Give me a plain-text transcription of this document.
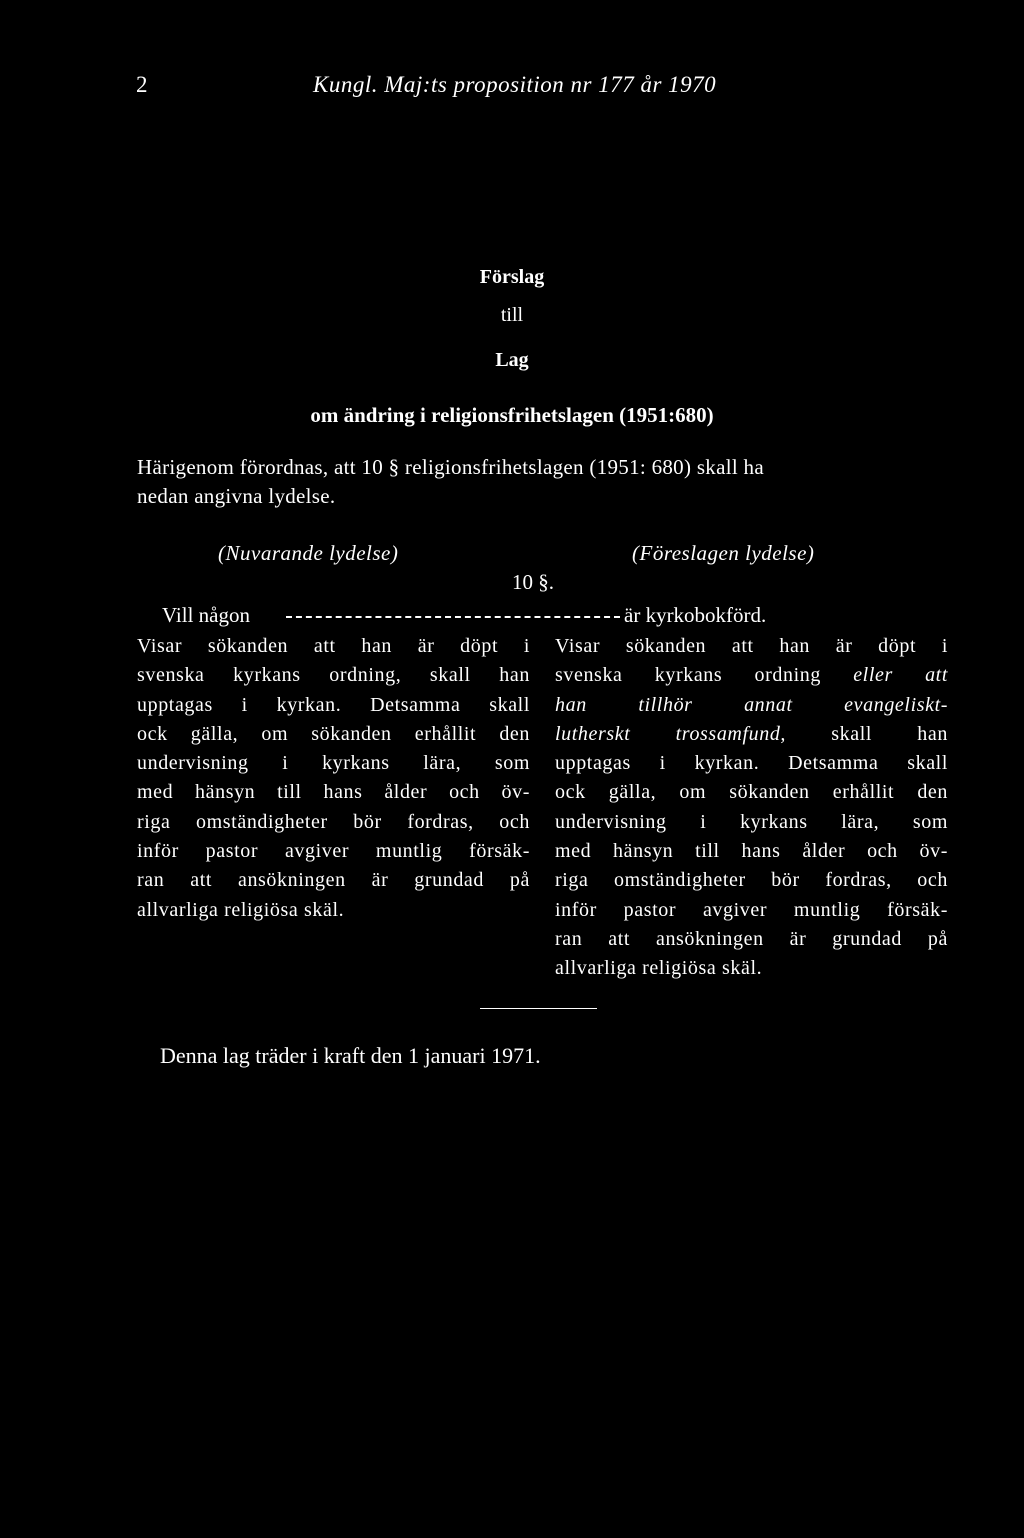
2	Kungl. Maj:ts proposition nr 177 år 1970
Förslag
till
Lag
om ändring i religionsfrihetslagen (1951:680)
Härigenom förordnas, att 10 § religionsfrihetslagen (1951: 680) skall ha
nedan angivna lydelse.
(Nuvarande lydelse)	(Föreslagen lydelse)
10 §.
Vill någon	är kyrkobokförd.
Visar sökanden att han är döpt i
svenska kyrkans ordning, skall han
upptagas i kyrkan. Detsamma skall
ock gälla, om sökanden erhållit den
undervisning i kyrkans lära, som
med hänsyn till hans ålder och öv-
riga omständigheter bör fordras, och
inför pastor avgiver muntlig försäk-
ran att ansökningen är grundad på
allvarliga religiösa skäl.
Visar sökanden att han är döpt i
svenska kyrkans ordning eller att
han tillhör annat evangeliskt-
lutherskt trossamfund, skall han
upptagas i kyrkan. Detsamma skall
ock gälla, om sökanden erhållit den
undervisning i kyrkans lära, som
med hänsyn till hans ålder och öv-
riga omständigheter bör fordras, och
inför pastor avgiver muntlig försäk-
ran att ansökningen är grundad på
allvarliga religiösa skäl.
Denna lag träder i kraft den 1 januari 1971.
